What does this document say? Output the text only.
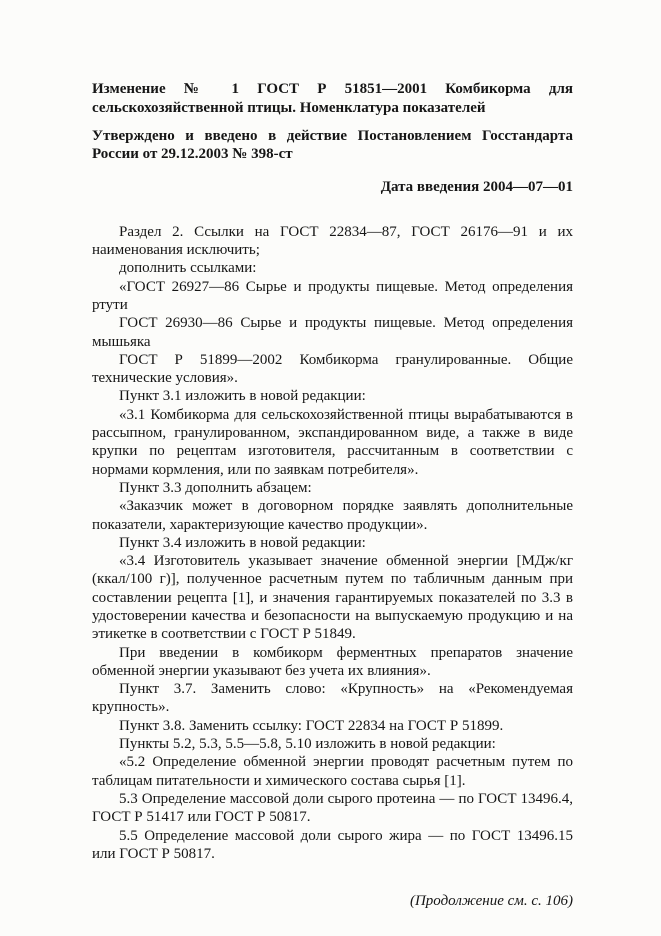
Изменение № 1 ГОСТ Р 51851—2001 Комбикорма для сельскохозяйственной птицы. Номенклатура показателей

Утверждено и введено в действие Постановлением Госстандарта России от 29.12.2003 № 398-ст

Дата введения 2004—07—01

Раздел 2. Ссылки на ГОСТ 22834—87, ГОСТ 26176—91 и их наименования исключить;

дополнить ссылками:

«ГОСТ 26927—86 Сырье и продукты пищевые. Метод определения ртути

ГОСТ 26930—86 Сырье и продукты пищевые. Метод определения мышьяка

ГОСТ Р 51899—2002 Комбикорма гранулированные. Общие технические условия».

Пункт 3.1 изложить в новой редакции:

«3.1 Комбикорма для сельскохозяйственной птицы вырабатываются в рассыпном, гранулированном, экспандированном виде, а также в виде крупки по рецептам изготовителя, рассчитанным в соответствии с нормами кормления, или по заявкам потребителя».

Пункт 3.3 дополнить абзацем:

«Заказчик может в договорном порядке заявлять дополнительные показатели, характеризующие качество продукции».

Пункт 3.4 изложить в новой редакции:

«3.4 Изготовитель указывает значение обменной энергии [МДж/кг (ккал/100 г)], полученное расчетным путем по табличным данным при составлении рецепта [1], и значения гарантируемых показателей по 3.3 в удостоверении качества и безопасности на выпускаемую продукцию и на этикетке в соответствии с ГОСТ Р 51849.

При введении в комбикорм ферментных препаратов значение обменной энергии указывают без учета их влияния».

Пункт 3.7. Заменить слово: «Крупность» на «Рекомендуемая крупность».

Пункт 3.8. Заменить ссылку: ГОСТ 22834 на ГОСТ Р 51899.

Пункты 5.2, 5.3, 5.5—5.8, 5.10 изложить в новой редакции:

«5.2 Определение обменной энергии проводят расчетным путем по таблицам питательности и химического состава сырья [1].

5.3 Определение массовой доли сырого протеина — по ГОСТ 13496.4, ГОСТ Р 51417 или ГОСТ Р 50817.

5.5 Определение массовой доли сырого жира — по ГОСТ 13496.15 или ГОСТ Р 50817.

(Продолжение см. с. 106)
